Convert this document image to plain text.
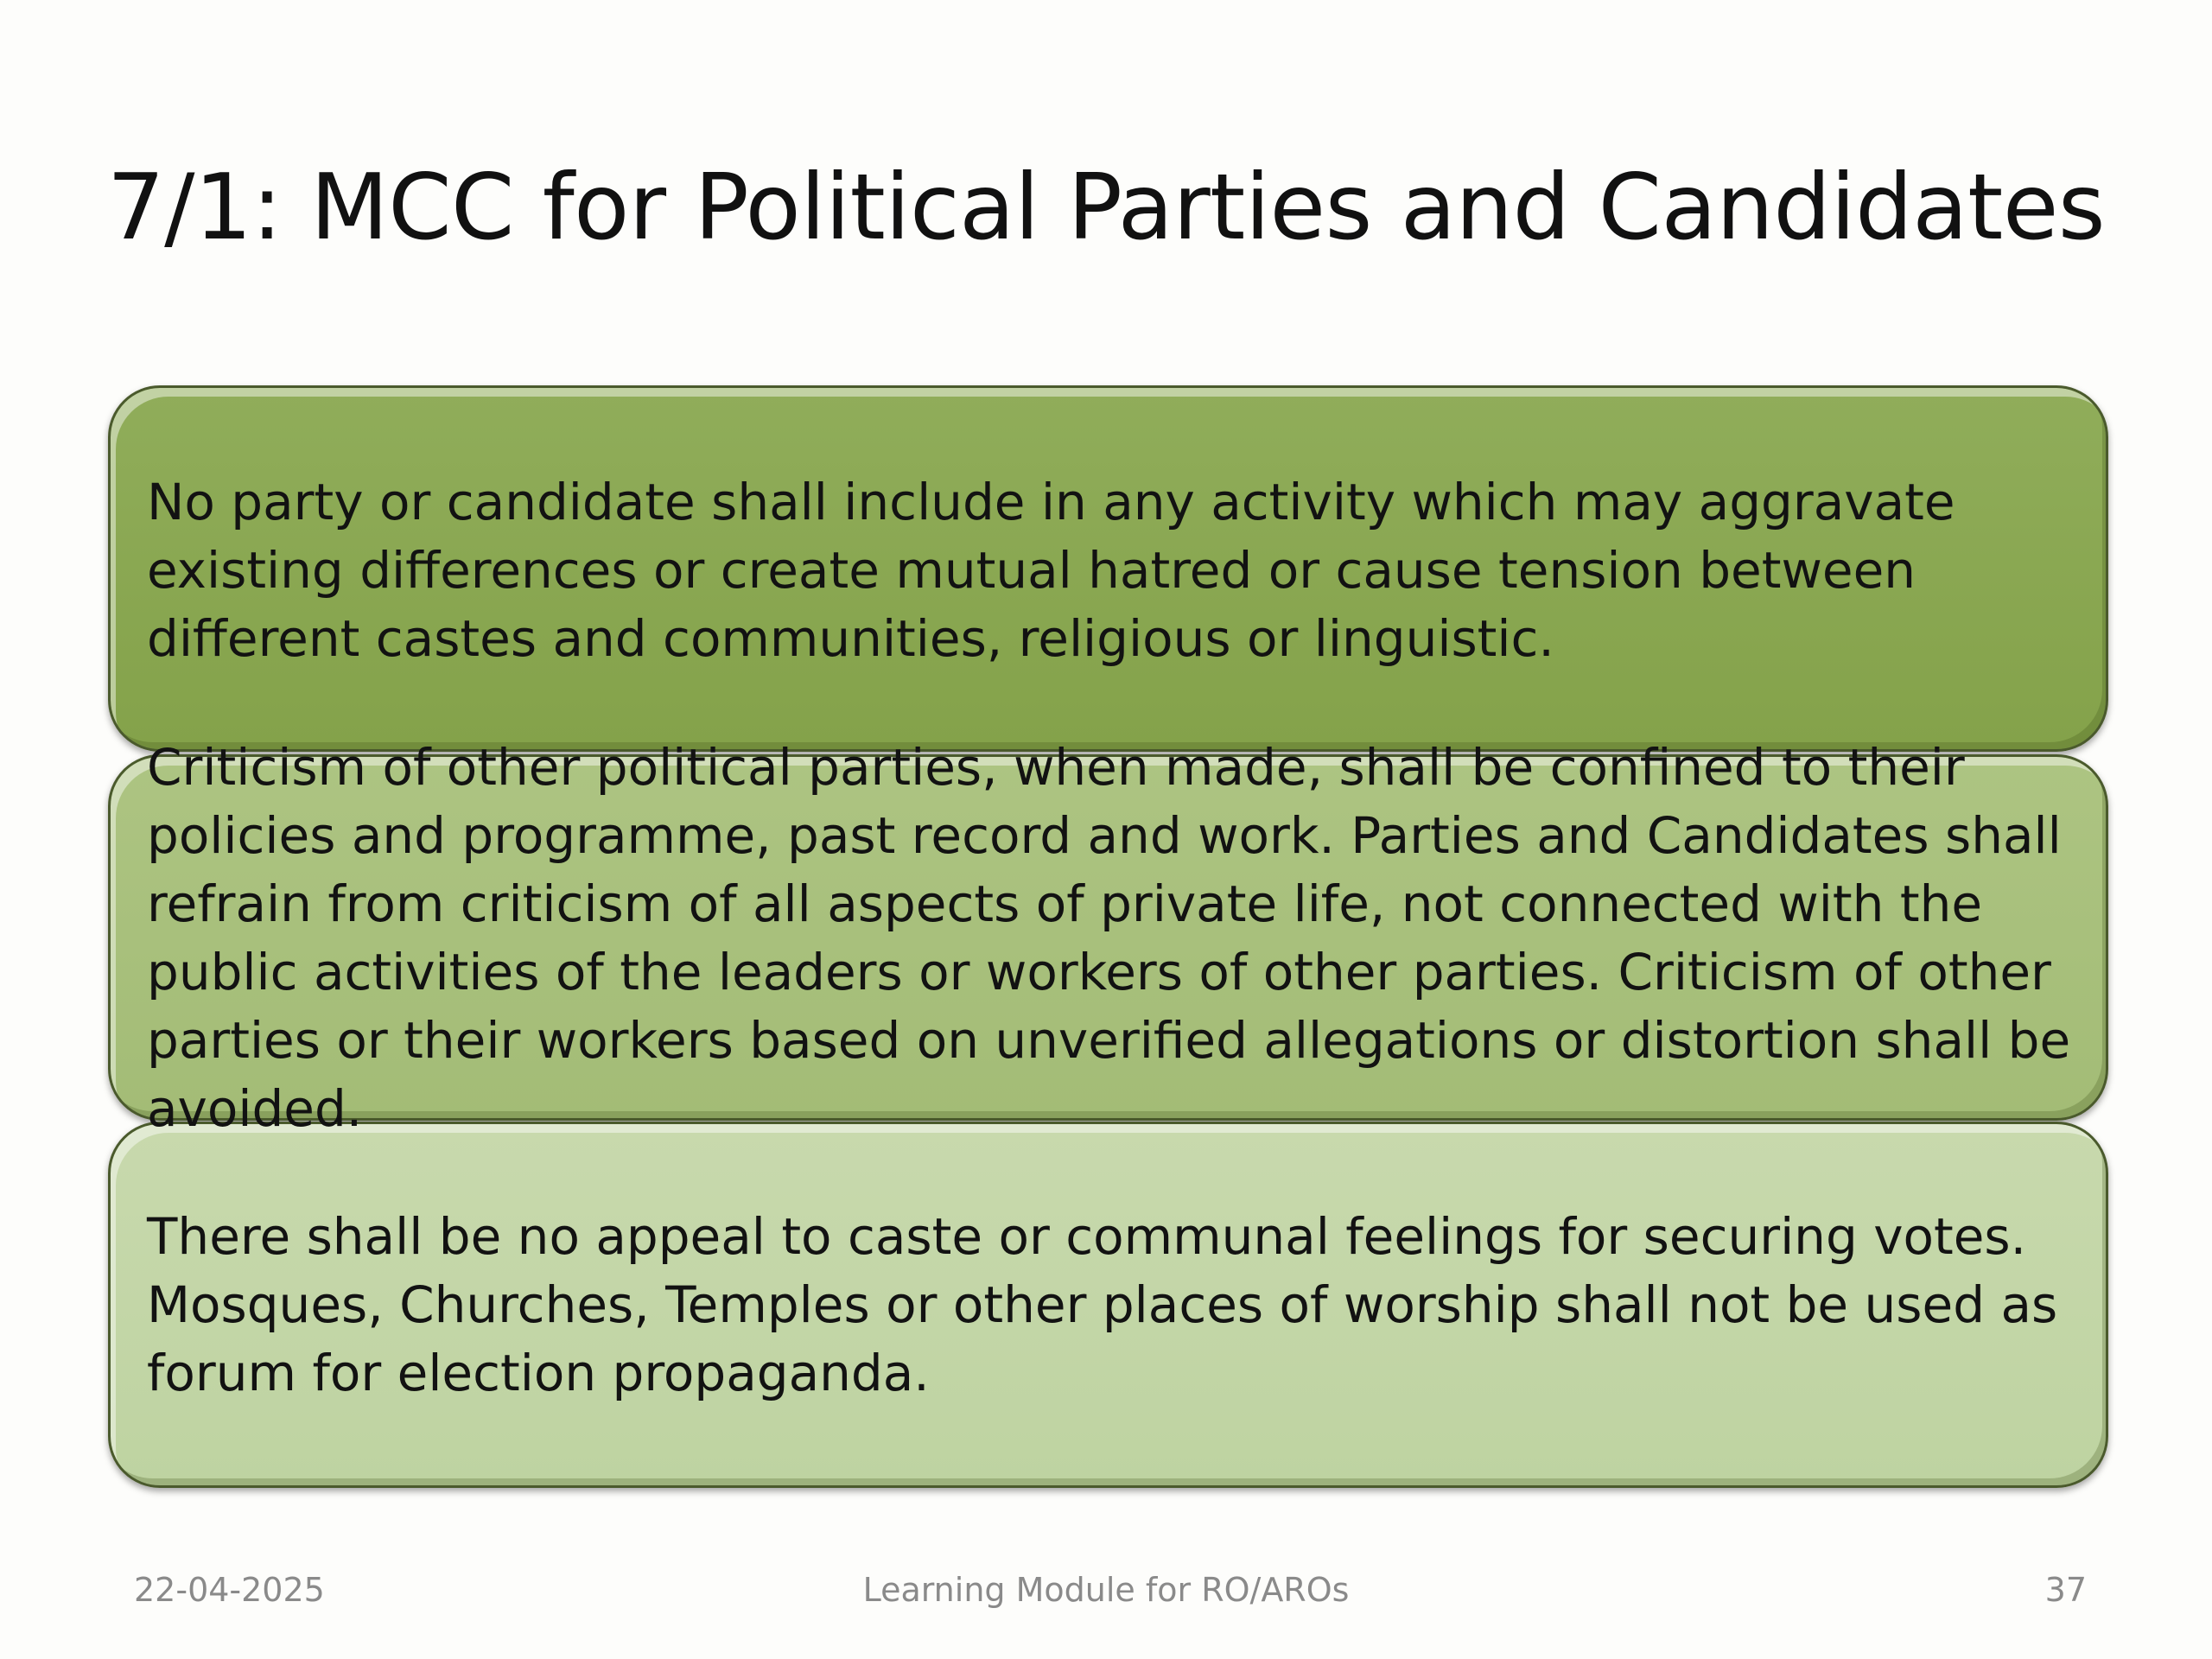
7/1: MCC for Political Parties and Candidates

No party or candidate shall include in any activity which may aggravate existing differences or create mutual hatred or cause tension between different castes and communities, religious or linguistic.

Criticism of other political parties, when made, shall be confined to their policies and programme, past record and work. Parties and Candidates shall refrain from criticism of all aspects of private life, not connected with the public activities of the leaders or workers of other parties. Criticism of other parties or their workers based on unverified allegations or distortion shall be avoided.

There shall be no appeal to caste or communal feelings for securing votes. Mosques, Churches, Temples or other places of worship shall not be used as forum for election propaganda.

22-04-2025	Learning Module for RO/AROs	37
